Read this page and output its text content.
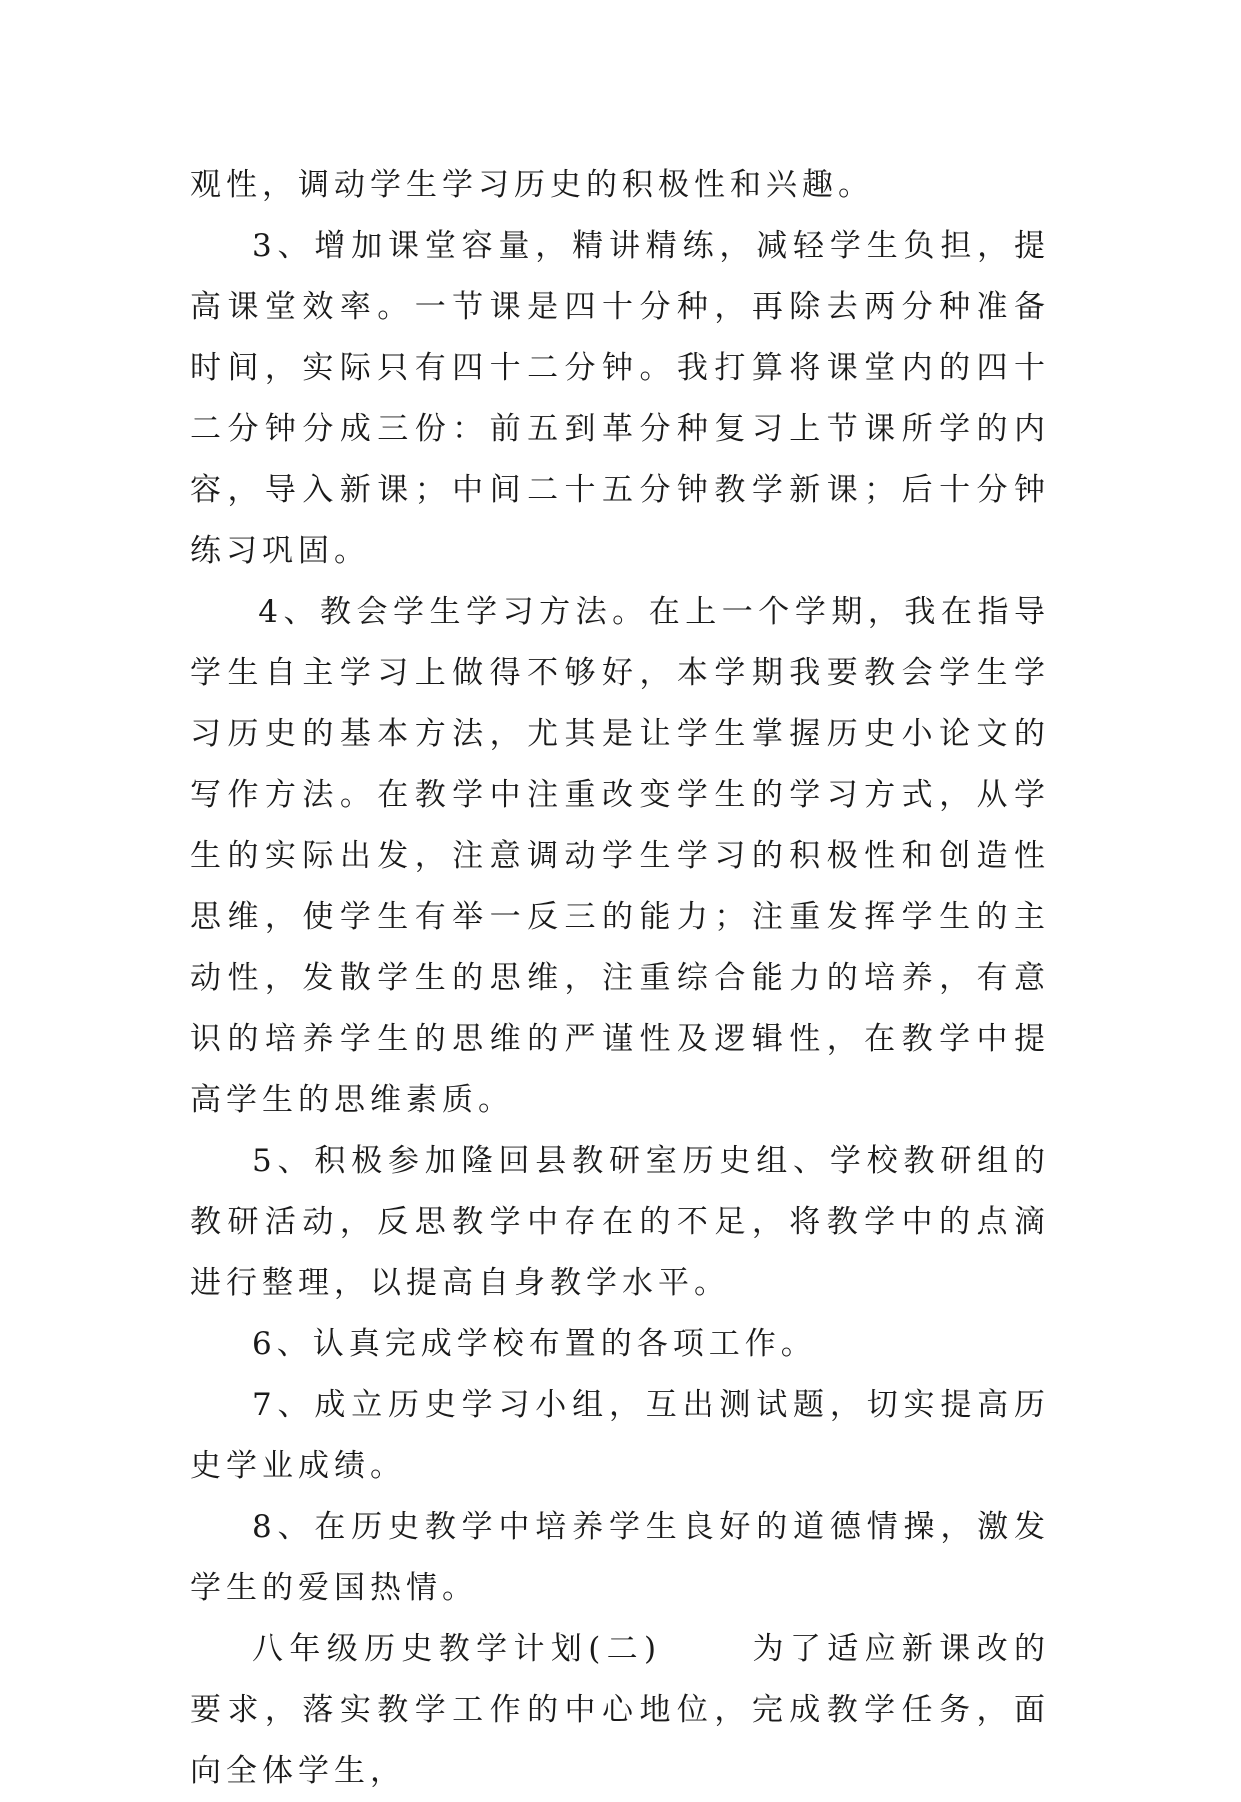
观性，调动学生学习历史的积极性和兴趣。

3、增加课堂容量，精讲精练，减轻学生负担，提高课堂效率。一节课是四十分种，再除去两分种准备时间，实际只有四十二分钟。我打算将课堂内的四十二分钟分成三份：前五到革分种复习上节课所学的内容，导入新课；中间二十五分钟教学新课；后十分钟练习巩固。

4、教会学生学习方法。在上一个学期，我在指导学生自主学习上做得不够好，本学期我要教会学生学习历史的基本方法，尤其是让学生掌握历史小论文的写作方法。在教学中注重改变学生的学习方式，从学生的实际出发，注意调动学生学习的积极性和创造性思维，使学生有举一反三的能力；注重发挥学生的主动性，发散学生的思维，注重综合能力的培养，有意识的培养学生的思维的严谨性及逻辑性，在教学中提高学生的思维素质。

5、积极参加隆回县教研室历史组、学校教研组的教研活动，反思教学中存在的不足，将教学中的点滴进行整理，以提高自身教学水平。

6、认真完成学校布置的各项工作。

7、成立历史学习小组，互出测试题，切实提高历史学业成绩。

8、在历史教学中培养学生良好的道德情操，激发学生的爱国热情。

八年级历史教学计划(二)	为了适应新课改的要求，落实教学工作的中心地位，完成教学任务，面向全体学生，
